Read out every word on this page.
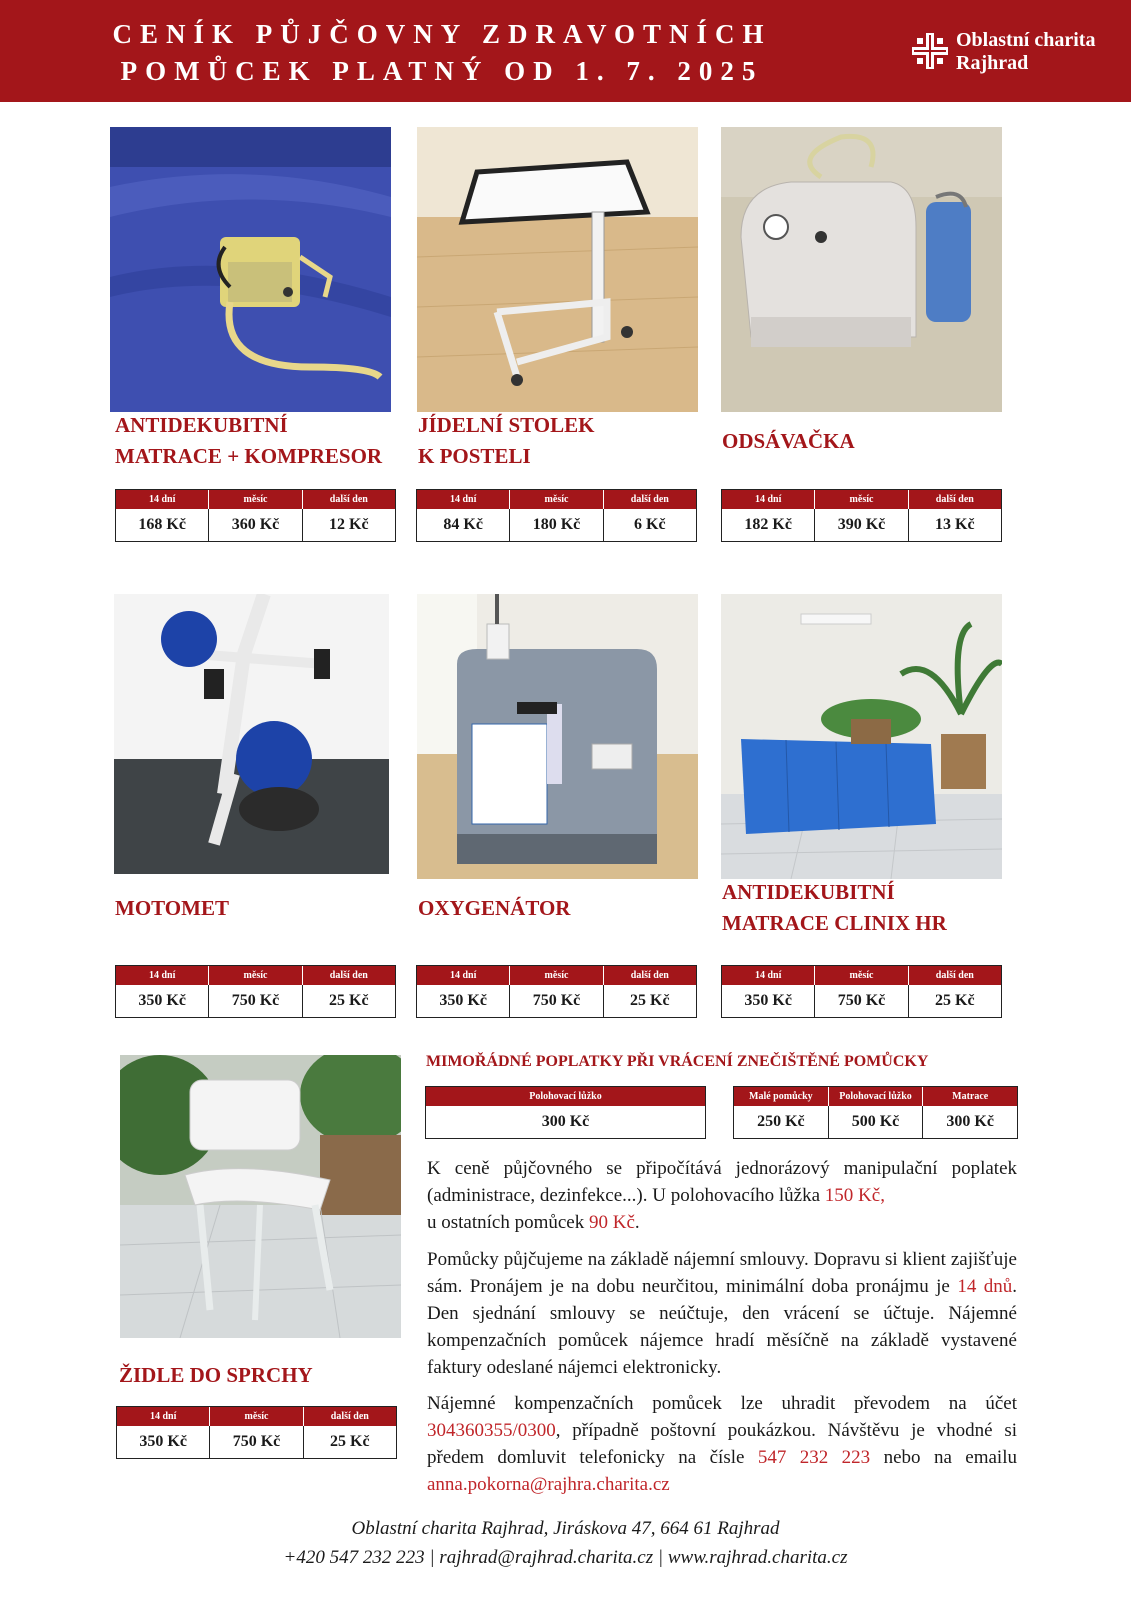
CENÍK PŮJČOVNY ZDRAVOTNÍCH
POMŮCEK PLATNÝ OD 1. 7. 2025
Oblastní charita
Rajhrad
ANTIDEKUBITNÍ
MATRACE + KOMPRESOR
JÍDELNÍ STOLEK
K POSTELI
ODSÁVAČKA
14 dní	měsíc	další den
168 Kč	360 Kč	12 Kč
14 dní	měsíc	další den
84 Kč	180 Kč	6 Kč
14 dní	měsíc	další den
182 Kč	390 Kč	13 Kč
MOTOMET	OXYGENÁTOR
ANTIDEKUBITNÍ
MATRACE CLINIX HR
14 dní	měsíc	další den
350 Kč	750 Kč	25 Kč
14 dní	měsíc	další den
350 Kč	750 Kč	25 Kč
14 dní	měsíc	další den
350 Kč	750 Kč	25 Kč
ŽIDLE DO SPRCHY
14 dní	měsíc	další den
350 Kč	750 Kč	25 Kč
MIMOŘÁDNÉ POPLATKY PŘI VRÁCENÍ ZNEČIŠTĚNÉ POMŮCKY
Polohovací lůžko
300 Kč
Malé pomůcky	Polohovací lůžko	Matrace
250 Kč	500 Kč	300 Kč
K ceně půjčovného se připočítává jednorázový manipulační poplatek (administrace, dezinfekce...). U polohovacího lůžka 150 Kč,
u ostatních pomůcek 90 Kč.
Pomůcky půjčujeme na základě nájemní smlouvy. Dopravu si klient zajišťuje sám. Pronájem je na dobu neurčitou, minimální doba pronájmu je 14 dnů. Den sjednání smlouvy se neúčtuje, den vrácení se účtuje. Nájemné kompenzačních pomůcek nájemce hradí měsíčně na základě vystavené faktury odeslané nájemci elektronicky.
Nájemné kompenzačních pomůcek lze uhradit převodem na účet 304360355/0300, případně poštovní poukázkou. Návštěvu je vhodné si předem domluvit telefonicky na čísle 547 232 223 nebo na emailu anna.pokorna@rajhra.charita.cz
Oblastní charita Rajhrad, Jiráskova 47, 664 61 Rajhrad
+420 547 232 223 | rajhrad@rajhrad.charita.cz | www.rajhrad.charita.cz
